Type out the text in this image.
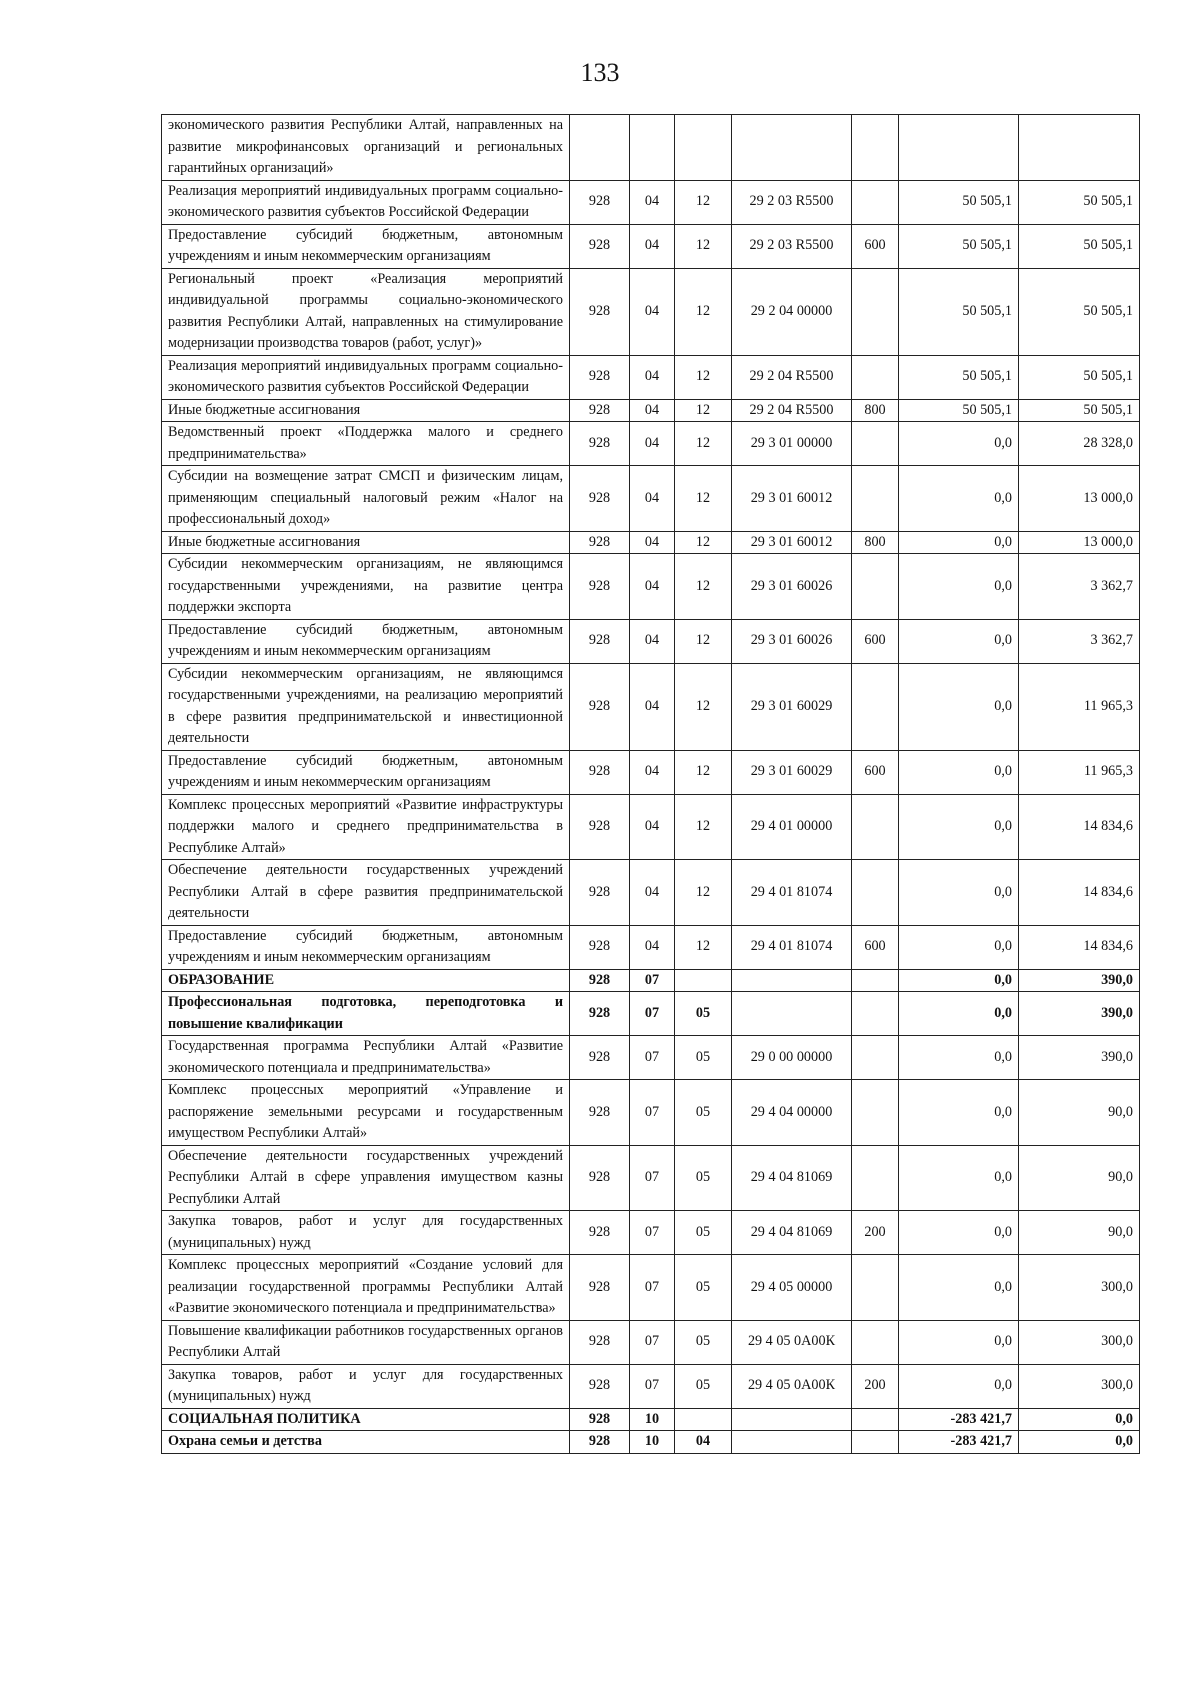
133
экономического развития Республики Алтай, направленных на развитие микрофинансовых организаций и региональных гарантийных организаций»							
Реализация мероприятий индивидуальных программ социально-экономического развития субъектов Российской Федерации	928	04	12	29 2 03 R5500		50 505,1	50 505,1
Предоставление субсидий бюджетным, автономным учреждениям и иным некоммерческим организациям	928	04	12	29 2 03 R5500	600	50 505,1	50 505,1
Региональный проект «Реализация мероприятий индивидуальной программы социально-экономического развития Республики Алтай, направленных на стимулирование модернизации производства товаров (работ, услуг)»	928	04	12	29 2 04 00000		50 505,1	50 505,1
Реализация мероприятий индивидуальных программ социально-экономического развития субъектов Российской Федерации	928	04	12	29 2 04 R5500		50 505,1	50 505,1
Иные бюджетные ассигнования	928	04	12	29 2 04 R5500	800	50 505,1	50 505,1
Ведомственный проект «Поддержка малого и среднего предпринимательства»	928	04	12	29 3 01 00000		0,0	28 328,0
Субсидии на возмещение затрат СМСП и физическим лицам, применяющим специальный налоговый режим «Налог на профессиональный доход»	928	04	12	29 3 01 60012		0,0	13 000,0
Иные бюджетные ассигнования	928	04	12	29 3 01 60012	800	0,0	13 000,0
Субсидии некоммерческим организациям, не являющимся государственными учреждениями, на развитие центра поддержки экспорта	928	04	12	29 3 01 60026		0,0	3 362,7
Предоставление субсидий бюджетным, автономным учреждениям и иным некоммерческим организациям	928	04	12	29 3 01 60026	600	0,0	3 362,7
Субсидии некоммерческим организациям, не являющимся государственными учреждениями, на реализацию мероприятий в сфере развития предпринимательской и инвестиционной деятельности	928	04	12	29 3 01 60029		0,0	11 965,3
Предоставление субсидий бюджетным, автономным учреждениям и иным некоммерческим организациям	928	04	12	29 3 01 60029	600	0,0	11 965,3
Комплекс процессных мероприятий «Развитие инфраструктуры поддержки малого и среднего предпринимательства в Республике Алтай»	928	04	12	29 4 01 00000		0,0	14 834,6
Обеспечение деятельности государственных учреждений Республики Алтай в сфере развития предпринимательской деятельности	928	04	12	29 4 01 81074		0,0	14 834,6
Предоставление субсидий бюджетным, автономным учреждениям и иным некоммерческим организациям	928	04	12	29 4 01 81074	600	0,0	14 834,6
ОБРАЗОВАНИЕ	928	07				0,0	390,0
Профессиональная подготовка, переподготовка и повышение квалификации	928	07	05			0,0	390,0
Государственная программа Республики Алтай «Развитие экономического потенциала и предпринимательства»	928	07	05	29 0 00 00000		0,0	390,0
Комплекс процессных мероприятий «Управление и распоряжение земельными ресурсами и государственным имуществом Республики Алтай»	928	07	05	29 4 04 00000		0,0	90,0
Обеспечение деятельности государственных учреждений Республики Алтай в сфере управления имуществом казны Республики Алтай	928	07	05	29 4 04 81069		0,0	90,0
Закупка товаров, работ и услуг для государственных (муниципальных) нужд	928	07	05	29 4 04 81069	200	0,0	90,0
Комплекс процессных мероприятий «Создание условий для реализации государственной программы Республики Алтай «Развитие экономического потенциала и предпринимательства»	928	07	05	29 4 05 00000		0,0	300,0
Повышение квалификации работников государственных органов Республики Алтай	928	07	05	29 4 05 0А00К		0,0	300,0
Закупка товаров, работ и услуг для государственных (муниципальных) нужд	928	07	05	29 4 05 0А00К	200	0,0	300,0
СОЦИАЛЬНАЯ ПОЛИТИКА	928	10				-283 421,7	0,0
Охрана семьи и детства	928	10	04			-283 421,7	0,0
